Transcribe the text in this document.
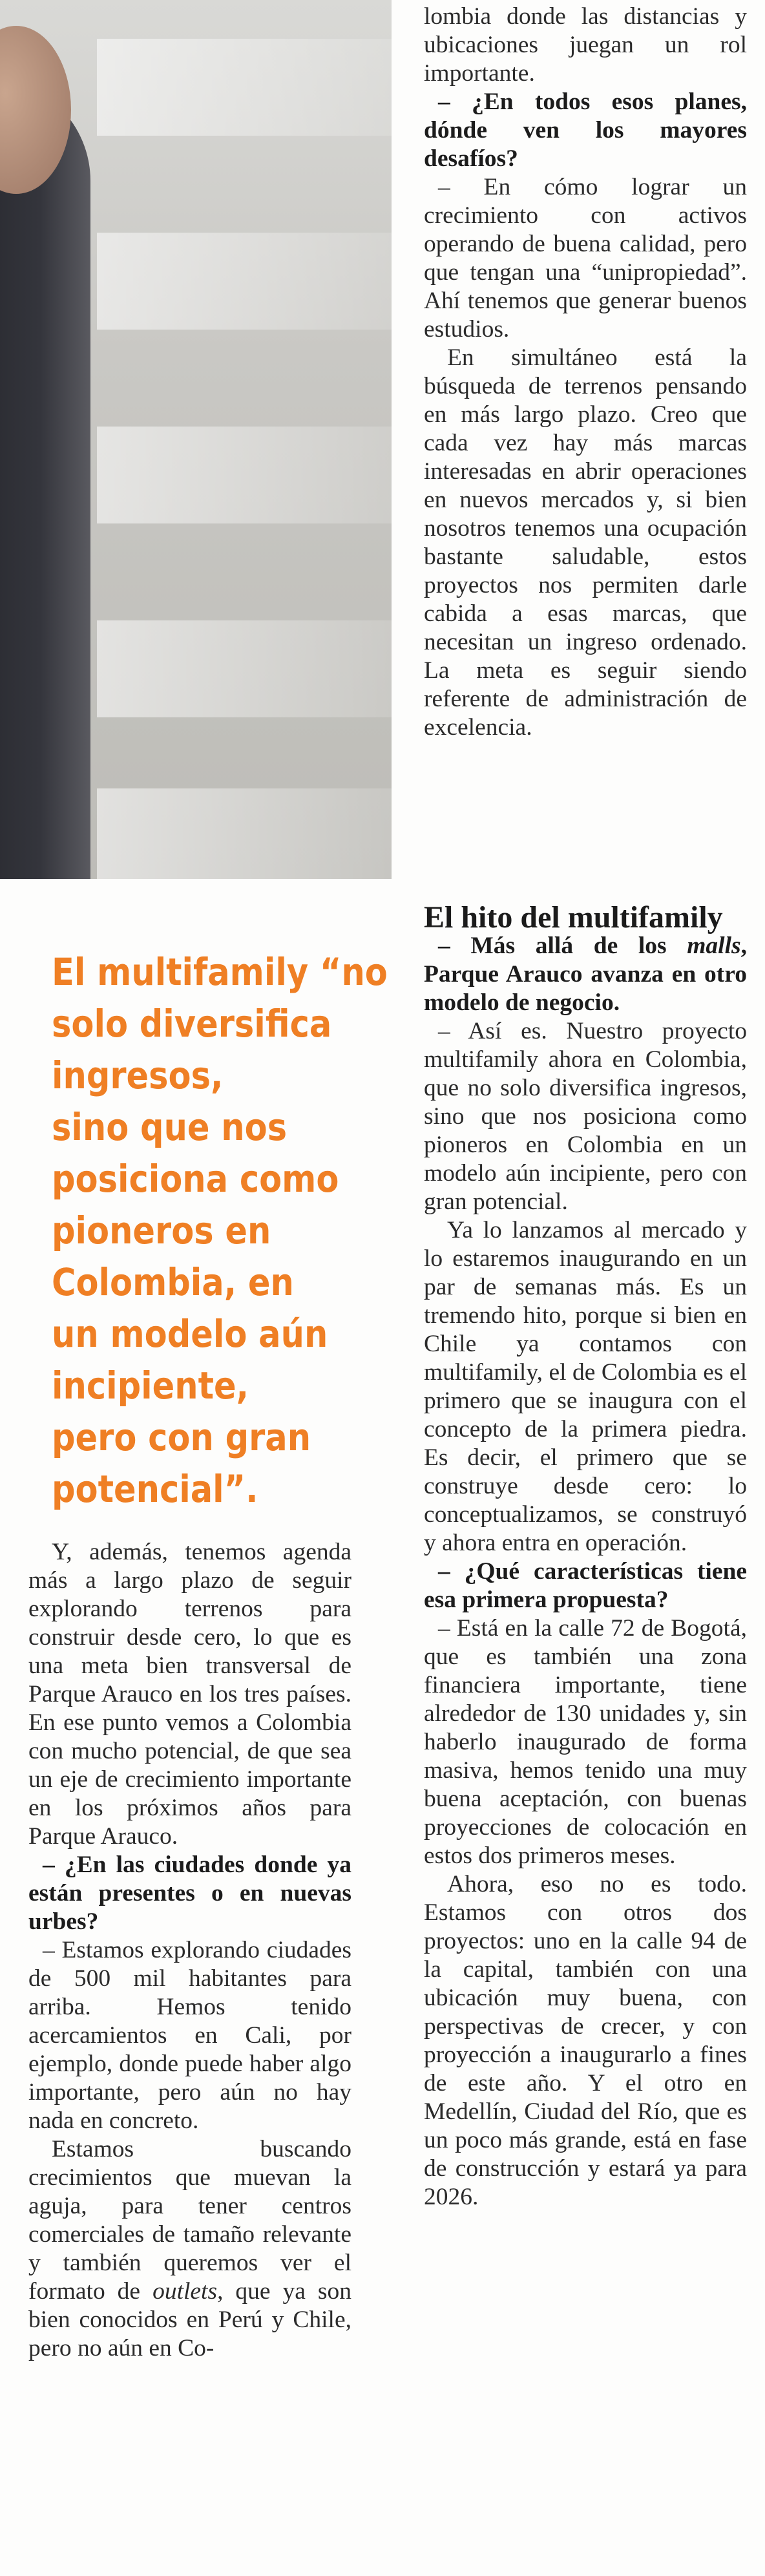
lombia donde las distancias y ubicaciones juegan un rol importante.

– ¿En todos esos planes, dónde ven los mayores desafíos?

– En cómo lograr un crecimiento con activos operando de buena calidad, pero que tengan una “unipropiedad”. Ahí tenemos que generar buenos estudios.

En simultáneo está la búsqueda de terrenos pensando en más largo plazo. Creo que cada vez hay más marcas interesadas en abrir operaciones en nuevos mercados y, si bien nosotros tenemos una ocupación bastante saludable, estos proyectos nos permiten darle cabida a esas marcas, que necesitan un ingreso ordenado. La meta es seguir siendo referente de administración de excelencia.

El multifamily “no
solo diversifica
ingresos,
sino que nos
posiciona como
pioneros en
Colombia, en
un modelo aún
incipiente,
pero con gran
potencial”.
El hito del multifamily

– Más allá de los malls, Parque Arauco avanza en otro modelo de negocio.

– Así es. Nuestro proyecto multifamily ahora en Colombia, que no solo diversifica ingresos, sino que nos posiciona como pioneros en Colombia en un modelo aún incipiente, pero con gran potencial.

Ya lo lanzamos al mercado y lo estaremos inaugurando en un par de semanas más. Es un tremendo hito, porque si bien en Chile ya contamos con multifamily, el de Colombia es el primero que se inaugura con el concepto de la primera piedra. Es decir, el primero que se construye desde cero: lo conceptualizamos, se construyó y ahora entra en operación.

– ¿Qué características tiene esa primera propuesta?

– Está en la calle 72 de Bogotá, que es también una zona financiera importante, tiene alrededor de 130 unidades y, sin haberlo inaugurado de forma masiva, hemos tenido una muy buena aceptación, con buenas proyecciones de colocación en estos dos primeros meses.

Ahora, eso no es todo. Estamos con otros dos proyectos: uno en la calle 94 de la capital, también con una ubicación muy buena, con perspectivas de crecer, y con proyección a inaugurarlo a fines de este año. Y el otro en Medellín, Ciudad del Río, que es un poco más grande, está en fase de construcción y estará ya para 2026.

Y, además, tenemos agenda más a largo plazo de seguir explorando terrenos para construir desde cero, lo que es una meta bien transversal de Parque Arauco en los tres países. En ese punto vemos a Colombia con mucho potencial, de que sea un eje de crecimiento importante en los próximos años para Parque Arauco.

– ¿En las ciudades donde ya están presentes o en nuevas urbes?

– Estamos explorando ciudades de 500 mil habitantes para arriba. Hemos tenido acercamientos en Cali, por ejemplo, donde puede haber algo importante, pero aún no hay nada en concreto.

Estamos buscando crecimientos que muevan la aguja, para tener centros comerciales de tamaño relevante y también queremos ver el formato de outlets, que ya son bien conocidos en Perú y Chile, pero no aún en Co-
